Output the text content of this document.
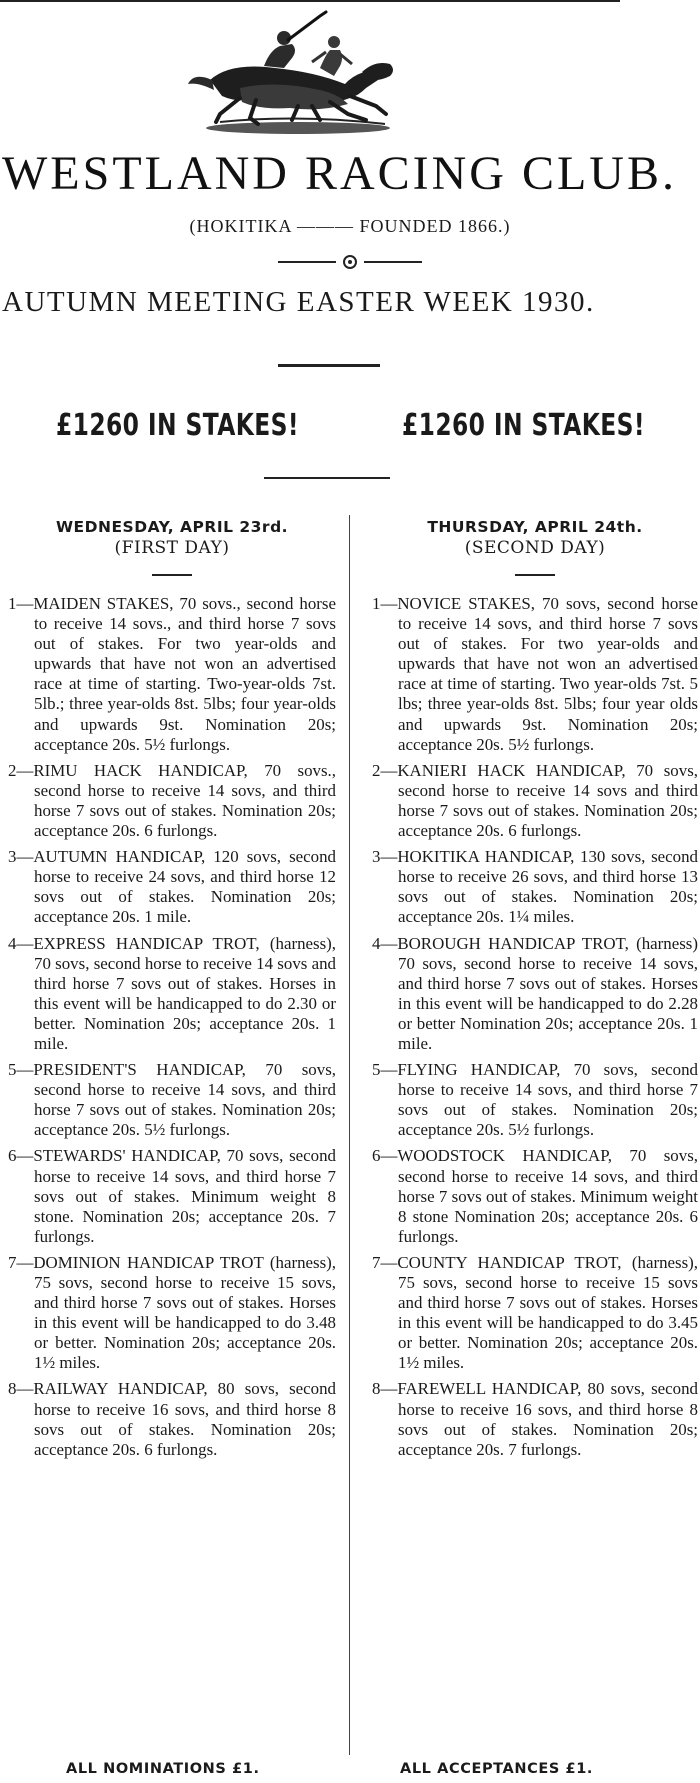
WESTLAND RACING CLUB.
(HOKITIKA ——— FOUNDED 1866.)
AUTUMN MEETING EASTER WEEK 1930.
£1260 IN STAKES!	£1260 IN STAKES!
WEDNESDAY, APRIL 23rd.
(FIRST DAY)

1—MAIDEN STAKES, 70 sovs., second horse to receive 14 sovs., and third horse 7 sovs out of stakes. For two year-olds and upwards that have not won an advertised race at time of starting. Two-year-olds 7st. 5lb.; three year-olds 8st. 5lbs; four year-olds and upwards 9st. Nomination 20s; acceptance 20s. 5½ furlongs.

2—RIMU HACK HANDICAP, 70 sovs., second horse to receive 14 sovs, and third horse 7 sovs out of stakes. Nomination 20s; acceptance 20s. 6 furlongs.

3—AUTUMN HANDICAP, 120 sovs, second horse to receive 24 sovs, and third horse 12 sovs out of stakes. Nomination 20s; acceptance 20s. 1 mile.

4—EXPRESS HANDICAP TROT, (harness), 70 sovs, second horse to receive 14 sovs and third horse 7 sovs out of stakes. Horses in this event will be handicapped to do 2.30 or better. Nomination 20s; acceptance 20s. 1 mile.

5—PRESIDENT'S HANDICAP, 70 sovs, second horse to receive 14 sovs, and third horse 7 sovs out of stakes. Nomination 20s; acceptance 20s. 5½ furlongs.

6—STEWARDS' HANDICAP, 70 sovs, second horse to receive 14 sovs, and third horse 7 sovs out of stakes. Minimum weight 8 stone. Nomination 20s; acceptance 20s. 7 furlongs.

7—DOMINION HANDICAP TROT (harness), 75 sovs, second horse to receive 15 sovs, and third horse 7 sovs out of stakes. Horses in this event will be handicapped to do 3.48 or better. Nomination 20s; acceptance 20s. 1½ miles.

8—RAILWAY HANDICAP, 80 sovs, second horse to receive 16 sovs, and third horse 8 sovs out of stakes. Nomination 20s; acceptance 20s. 6 furlongs.

THURSDAY, APRIL 24th.
(SECOND DAY)

1—NOVICE STAKES, 70 sovs, second horse to receive 14 sovs, and third horse 7 sovs out of stakes. For two year-olds and upwards that have not won an advertised race at time of starting. Two year-olds 7st. 5 lbs; three year-olds 8st. 5lbs; four year olds and upwards 9st. Nomination 20s; acceptance 20s. 5½ furlongs.

2—KANIERI HACK HANDICAP, 70 sovs, second horse to receive 14 sovs and third horse 7 sovs out of stakes. Nomination 20s; acceptance 20s. 6 furlongs.

3—HOKITIKA HANDICAP, 130 sovs, second horse to receive 26 sovs, and third horse 13 sovs out of stakes. Nomination 20s; acceptance 20s. 1¼ miles.

4—BOROUGH HANDICAP TROT, (harness) 70 sovs, second horse to receive 14 sovs, and third horse 7 sovs out of stakes. Horses in this event will be handicapped to do 2.28 or better Nomination 20s; acceptance 20s. 1 mile.

5—FLYING HANDICAP, 70 sovs, second horse to receive 14 sovs, and third horse 7 sovs out of stakes. Nomination 20s; acceptance 20s. 5½ furlongs.

6—WOODSTOCK HANDICAP, 70 sovs, second horse to receive 14 sovs, and third horse 7 sovs out of stakes. Minimum weight 8 stone Nomination 20s; acceptance 20s. 6 furlongs.

7—COUNTY HANDICAP TROT, (harness), 75 sovs, second horse to receive 15 sovs and third horse 7 sovs out of stakes. Horses in this event will be handicapped to do 3.45 or better. Nomination 20s; acceptance 20s. 1½ miles.

8—FAREWELL HANDICAP, 80 sovs, second horse to receive 16 sovs, and third horse 8 sovs out of stakes. Nomination 20s; acceptance 20s. 7 furlongs.

ALL NOMINATIONS £1.	ALL ACCEPTANCES £1.
